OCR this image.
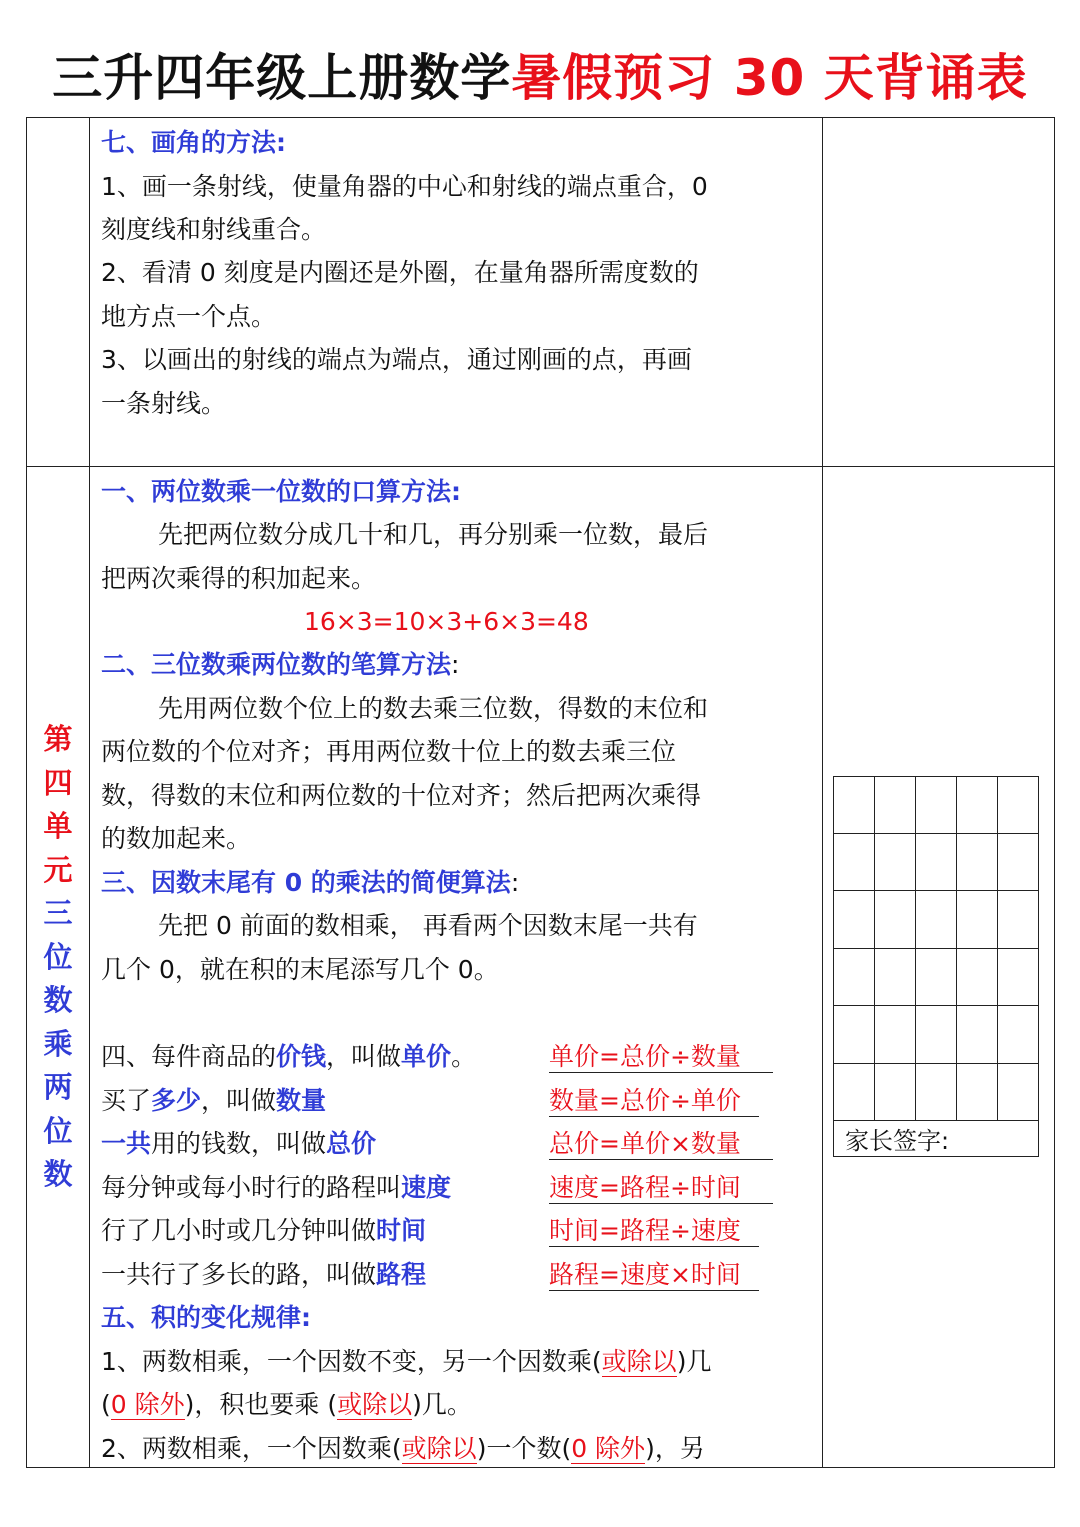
三升四年级上册数学暑假预习 30 天背诵表
第
四
单
元
三
位
数
乘
两
位
数
七、画角的方法:
1、画一条射线，使量角器的中心和射线的端点重合，0
刻度线和射线重合。
2、看清 0 刻度是内圈还是外圈，在量角器所需度数的
地方点一个点。
3、以画出的射线的端点为端点，通过刚画的点，再画
一条射线。
一、两位数乘一位数的口算方法:
先把两位数分成几十和几，再分别乘一位数，最后
把两次乘得的积加起来。
16×3=10×3+6×3=48
二、三位数乘两位数的笔算方法:
先用两位数个位上的数去乘三位数，得数的末位和
两位数的个位对齐；再用两位数十位上的数去乘三位
数，得数的末位和两位数的十位对齐；然后把两次乘得
的数加起来。
三、因数末尾有 0 的乘法的简便算法:
先把 0 前面的数相乘， 再看两个因数末尾一共有
几个 0，就在积的末尾添写几个 0。
四、每件商品的价钱，叫做单价。
买了多少，叫做数量
一共用的钱数，叫做总价
每分钟或每小时行的路程叫速度
行了几小时或几分钟叫做时间
一共行了多长的路，叫做路程
单价=总价÷数量
数量=总价÷单价
总价=单价×数量
速度=路程÷时间
时间=路程÷速度
路程=速度×时间
五、积的变化规律:
1、两数相乘，一个因数不变，另一个因数乘(或除以)几
(0 除外)，积也要乘 (或除以)几。
2、两数相乘，一个因数乘(或除以)一个数(0 除外)，另
家长签字:
